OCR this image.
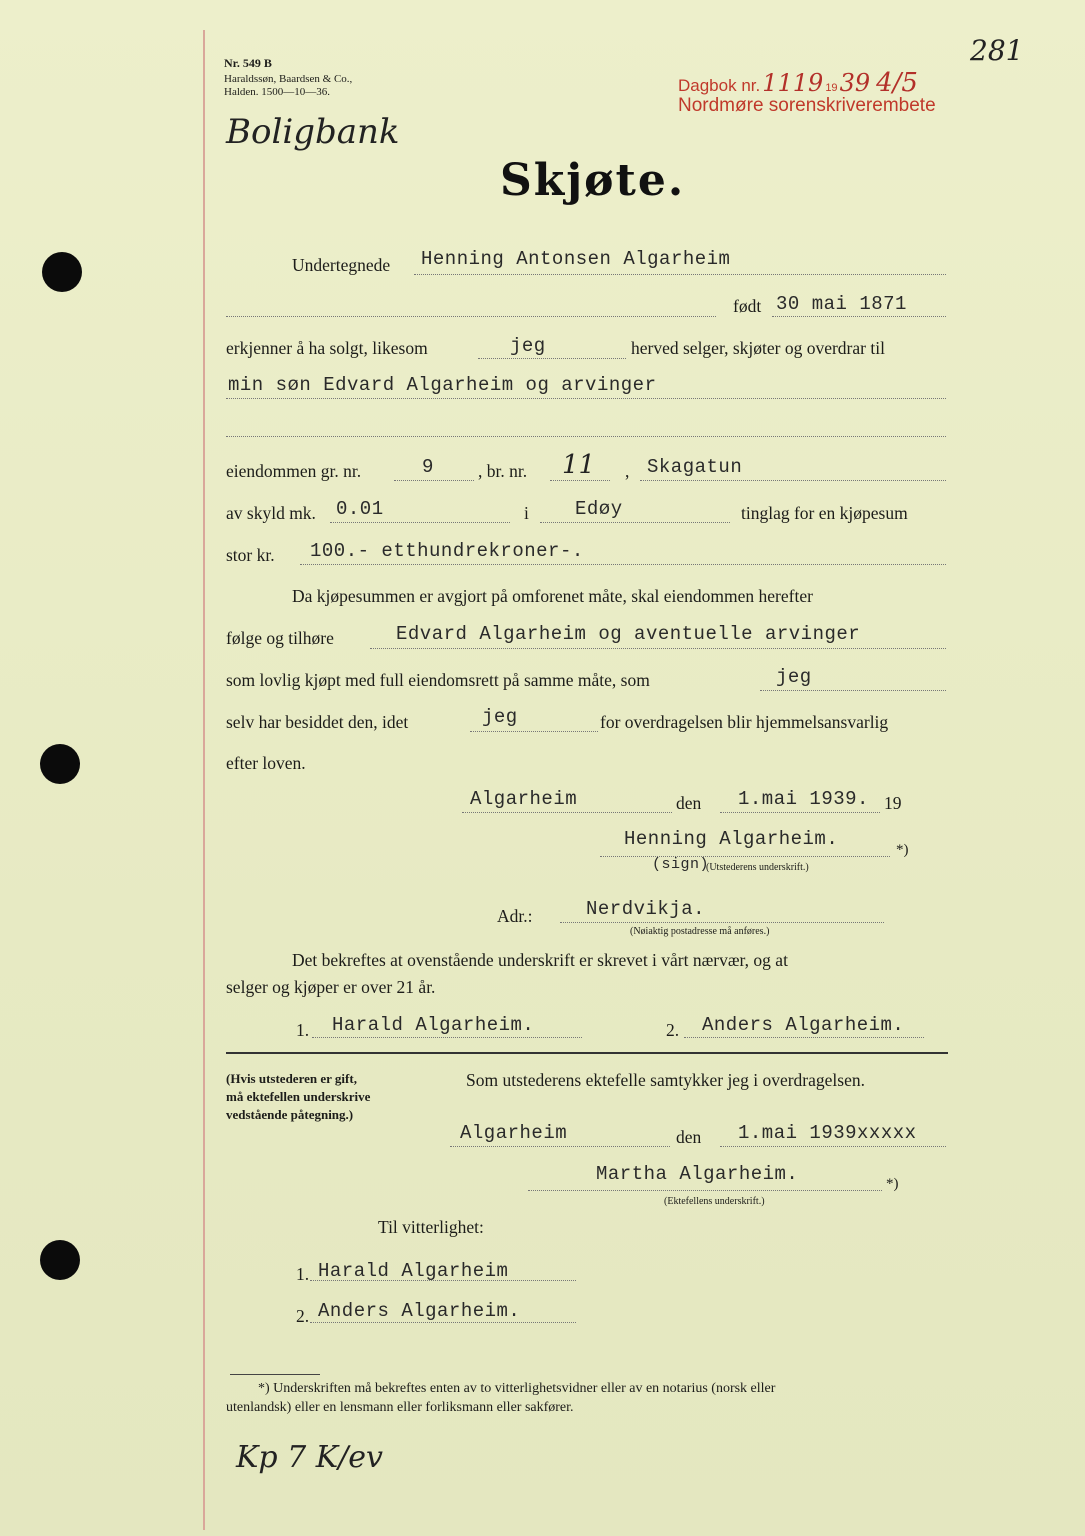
Nr. 549 B
Haraldssøn, Baardsen & Co.,
Halden. 1500—10—36.
Boligbank
Dagbok nr.1119 1939 4/5
Nordmøre sorenskriverembete
281
Skjøte.
Undertegnede Henning Antonsen Algarheim
født 30 mai 1871
erkjenner å ha solgt, likesom	jeg	herved selger, skjøter og overdrar til
min søn Edvard Algarheim og arvinger
eiendommen gr. nr.	9	, br. nr. 11 , Skagatun
av skyld mk. 0.01	i Edøy	tinglag for en kjøpesum
stor kr. 100.- etthundrekroner-.
Da kjøpesummen er avgjort på omforenet måte, skal eiendommen herefter
følge og tilhøre	Edvard Algarheim og aventuelle arvinger
som lovlig kjøpt med full eiendomsrett på samme måte, som	jeg
selv har besiddet den, idet	jeg	for overdragelsen blir hjemmelsansvarlig
efter loven.
Algarheim	den 1.mai 1939. 19
Henning Algarheim.	*)
(sign)
(Utstederens underskrift.)
Adr.:	Nerdvikja.
(Nøiaktig postadresse må anføres.)
Det bekreftes at ovenstående underskrift er skrevet i vårt nærvær, og at
selger og kjøper er over 21 år.
1. Harald Algarheim.	2. Anders Algarheim.
(Hvis utstederen er gift,
må ektefellen underskrive
vedstående påtegning.)
Som utstederens ektefelle samtykker jeg i overdragelsen.
Algarheim	den 1.mai 1939xxxxx
Martha Algarheim.	*)
(Ektefellens underskrift.)
Til vitterlighet:
1. Harald Algarheim
2. Anders Algarheim.
*) Underskriften må bekreftes enten av to vitterlighetsvidner eller av en notarius (norsk eller
utenlandsk) eller en lensmann eller forliksmann eller sakfører.
Kp 7 K/ev
